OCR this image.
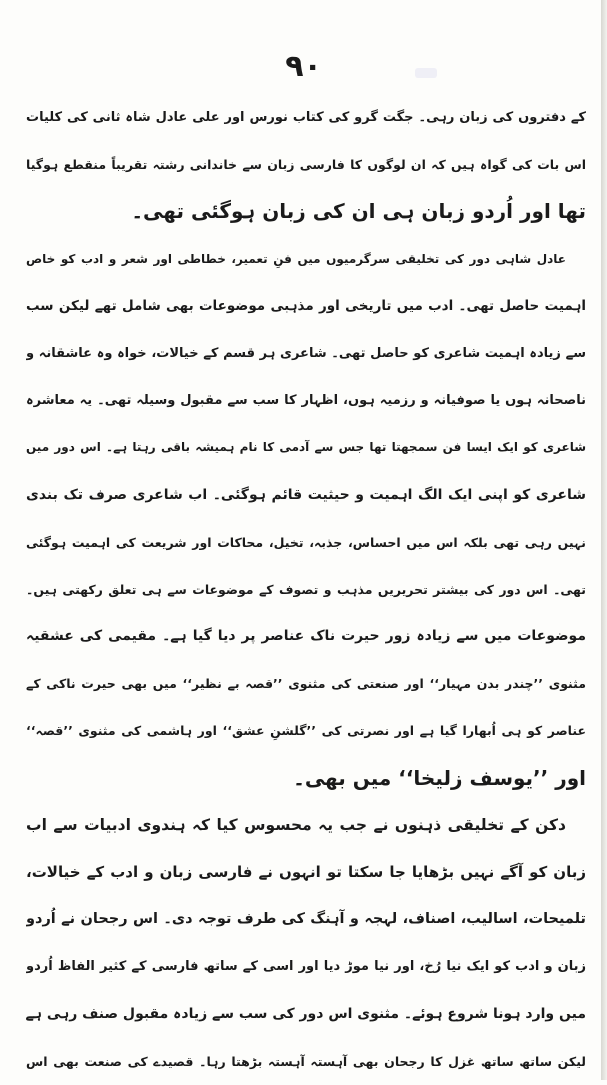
۹۰
کے دفتروں کی زبان رہی۔ جگت گرو کی کتاب نورس اور علی عادل شاہ ثانی کی کلیات
اس بات کی گواہ ہیں کہ ان لوگوں کا فارسی زبان سے خاندانی رشتہ تقریباً منقطع ہوگیا
تھا اور اُردو زبان ہی ان کی زبان ہوگئی تھی۔
عادل شاہی دور کی تخلیقی سرگرمیوں میں فنِ تعمیر، خطاطی اور شعر و ادب کو خاص
اہمیت حاصل تھی۔ ادب میں تاریخی اور مذہبی موضوعات بھی شامل تھے لیکن سب
سے زیادہ اہمیت شاعری کو حاصل تھی۔ شاعری ہر قسم کے خیالات، خواہ وہ عاشقانہ و
ناصحانہ ہوں یا صوفیانہ و رزمیہ ہوں، اظہار کا سب سے مقبول وسیلہ تھی۔ یہ معاشرہ
شاعری کو ایک ایسا فن سمجھتا تھا جس سے آدمی کا نام ہمیشہ باقی رہتا ہے۔ اس دور میں
شاعری کو اپنی ایک الگ اہمیت و حیثیت قائم ہوگئی۔ اب شاعری صرف تک بندی
نہیں رہی تھی بلکہ اس میں احساس، جذبہ، تخیل، محاکات اور شریعت کی اہمیت ہوگئی
تھی۔ اس دور کی بیشتر تحریریں مذہب و تصوف کے موضوعات سے ہی تعلق رکھتی ہیں۔
موضوعات میں سے زیادہ زور حیرت ناک عناصر پر دیا گیا ہے۔ مقیمی کی عشقیہ
مثنوی ’’چندر بدن مہیار‘‘ اور صنعتی کی مثنوی ’’قصہ بے نظیر‘‘ میں بھی حیرت ناکی کے
عناصر کو ہی اُبھارا گیا ہے اور نصرتی کی ’’گلشنِ عشق‘‘ اور ہاشمی کی مثنوی ’’قصہ‘‘
اور ’’یوسف زلیخا‘‘ میں بھی۔
دکن کے تخلیقی ذہنوں نے جب یہ محسوس کیا کہ ہندوی ادبیات سے اب
زبان کو آگے نہیں بڑھایا جا سکتا تو انہوں نے فارسی زبان و ادب کے خیالات،
تلمیحات، اسالیب، اصناف، لہجہ و آہنگ کی طرف توجہ دی۔ اس رجحان نے اُردو
زبان و ادب کو ایک نیا رُخ، اور نیا موڑ دیا اور اسی کے ساتھ فارسی کے کثیر الفاظ اُردو
میں وارد ہونا شروع ہوئے۔ مثنوی اس دور کی سب سے زیادہ مقبول صنف رہی ہے
لیکن ساتھ ساتھ غزل کا رجحان بھی آہستہ آہستہ بڑھتا رہا۔ قصیدے کی صنعت بھی اس
